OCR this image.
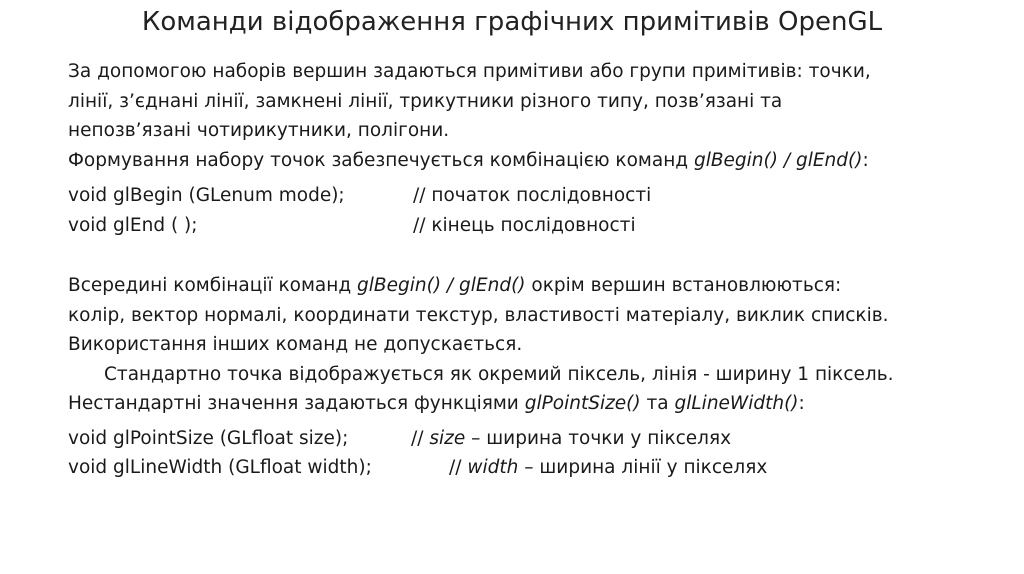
Команди відображення графічних примітивів OpenGL
За допомогою наборів вершин задаються примітиви або групи примітивів: точки,
лінії, з’єднані лінії, замкнені лінії, трикутники різного типу, позв’язані та
непозв’язані чотирикутники, полігони.
Формування набору точок забезпечується комбінацією команд glBegin() / glEnd():
void glBegin (GLenum mode);	// початок послідовності
void glEnd ( );	// кінець послідовності
Всередині комбінації команд glBegin() / glEnd() окрім вершин встановлюються:
колір, вектор нормалі, координати текстур, властивості матеріалу, виклик списків.
Використання інших команд не допускається.
Стандартно точка відображується як окремий піксель, лінія - ширину 1 піксель.
Нестандартні значення задаються функціями glPointSize() та glLineWidth():
void glPointSize (GLfloat size);	// size – ширина точки у пікселях
void glLineWidth (GLfloat width);	// width – ширина лінії у пікселях
